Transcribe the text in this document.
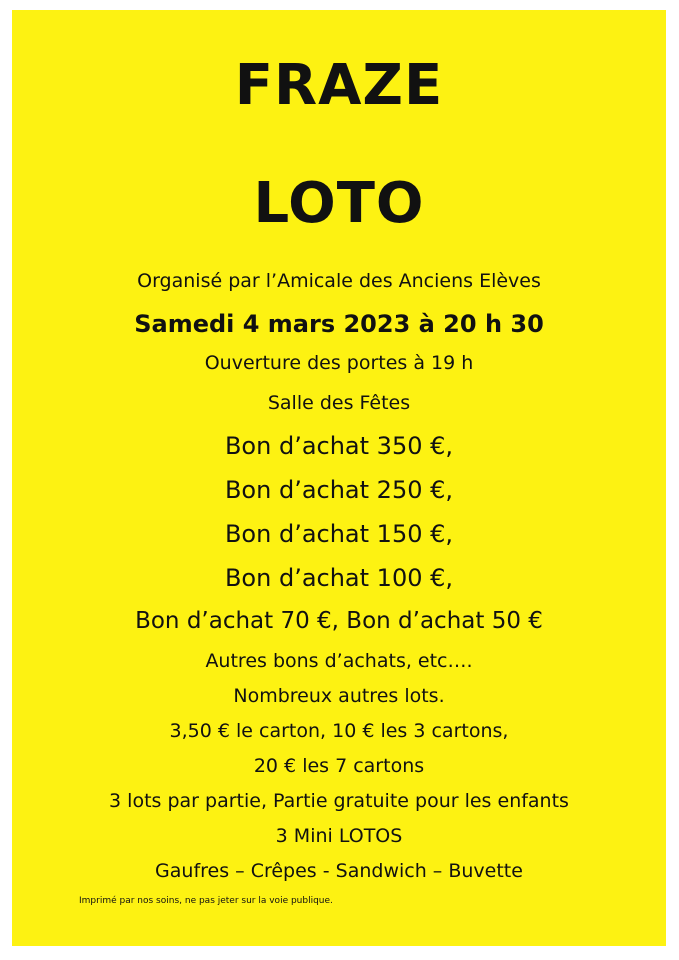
FRAZE
LOTO
Organisé par l’Amicale des Anciens Elèves
Samedi 4 mars 2023 à 20 h 30
Ouverture des portes à 19 h
Salle des Fêtes
Bon d’achat 350 €,
Bon d’achat 250 €,
Bon d’achat 150 €,
Bon d’achat 100 €,
Bon d’achat 70 €, Bon d’achat 50 €
Autres bons d’achats, etc….
Nombreux autres lots.
3,50 € le carton, 10 € les 3 cartons,
20 € les 7 cartons
3 lots par partie, Partie gratuite pour les enfants
3 Mini LOTOS
Gaufres – Crêpes - Sandwich – Buvette
Imprimé par nos soins, ne pas jeter sur la voie publique.
